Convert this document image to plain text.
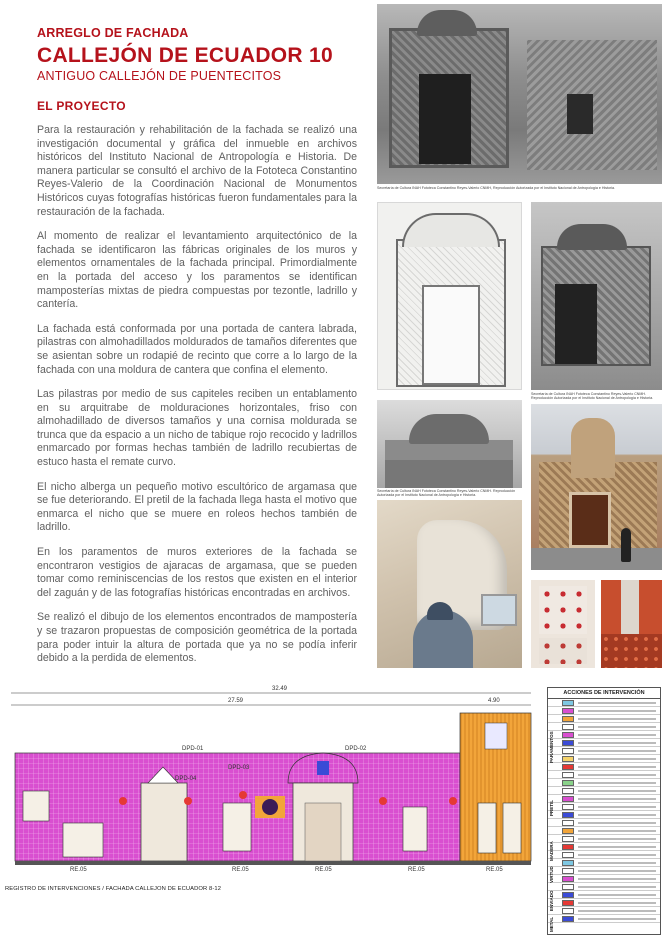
ARREGLO DE FACHADA
CALLEJÓN DE ECUADOR 10
ANTIGUO CALLEJÓN DE PUENTECITOS
EL PROYECTO

Para la restauración y rehabilitación de la fachada se realizó una investigación documental y gráfica del inmueble en archivos históricos del Instituto Nacional de Antropología e Historia. De manera particular se consultó el archivo de la Fototeca Constantino Reyes-Valerio de la Coordinación Nacional de Monumentos Históricos cuyas fotografías históricas fueron fundamentales para la restauración de la fachada.

Al momento de realizar el levantamiento arquitectónico de la fachada se identificaron las fábricas originales de los muros y elementos ornamentales de la fachada principal. Primordialmente en la portada del acceso y los paramentos se identifican mamposterías mixtas de piedra compuestas por tezontle, ladrillo y cantería.

La fachada está conformada por una portada de cantera labrada, pilastras con almohadillados moldurados de tamaños diferentes que se asientan sobre un rodapié de recinto que corre a lo largo de la fachada con una moldura de cantera que confina el elemento.

Las pilastras por medio de sus capiteles reciben un entablamento en su arquitrabe de molduraciones horizontales, friso con almohadillado de diversos tamaños y una cornisa moldurada se trunca que da espacio a un nicho de tabique rojo recocido y ladrillos enmarcado por formas hechas también de ladrillo recubiertas de estuco hasta el remate curvo.

El nicho alberga un pequeño motivo escultórico de argamasa que se fue deteriorando. El pretil de la fachada llega hasta el motivo que enmarca el nicho que se muere en roleos hechos también de ladrillo.

En los paramentos de muros exteriores de la fachada se encontraron vestigios de ajaracas de argamasa, que se pueden tomar como reminiscencias de los restos que existen en el interior del zaguán y de las fotografías históricas encontradas en archivos.

Se realizó el dibujo de los elementos encontrados de mampostería y se trazaron propuestas de composición geométrica de la portada para poder intuir la altura de portada que ya no se podía inferir debido a la perdida de elementos.

Secretaría de Cultura INAH Fototeca Constantino Reyes-Valerio CNMH, Reproducción Autorizada por el Instituto Nacional de Antropología e Historia.
Secretaría de Cultura INAH Fototeca Constantino Reyes-Valerio CNMH. Reproducción Autorizada por el Instituto Nacional de Antropología e Historia.
Secretaría de Cultura INAH Fototeca Constantino Reyes-Valerio CNMH. Reproducción Autorizada por el Instituto Nacional de Antropología e Historia.
32.49
27.59	4.90
DPD-01
DPD-03
DPD-04
DPD-02
RE.05	RE.05	RE.05	RE.05	RE.05
REGISTRO DE INTERVENCIONES / FACHADA CALLEJON DE ECUADOR 8-12
ACCIONES DE INTERVENCIÓN
PARAMENTOS
PRETIL
VIRTUD
ENVIADO
MADERA
METAL
